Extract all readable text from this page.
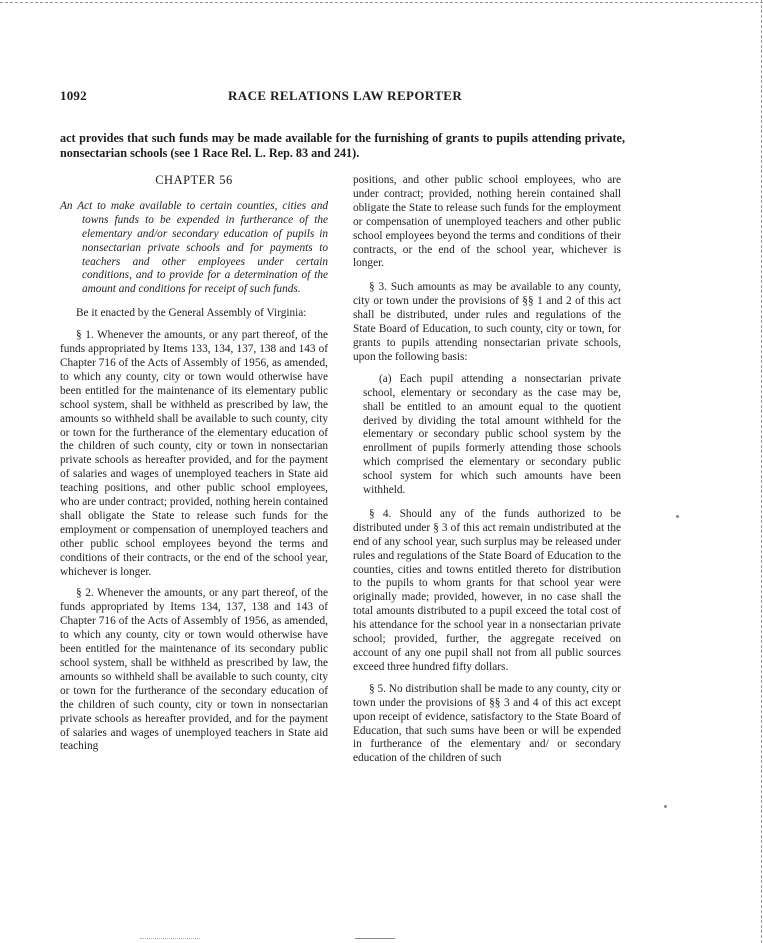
1092	RACE RELATIONS LAW REPORTER
act provides that such funds may be made available for the furnishing of grants to pupils attending private, nonsectarian schools (see 1 Race Rel. L. Rep. 83 and 241).
CHAPTER 56
An Act to make available to certain counties, cities and towns funds to be expended in furtherance of the elementary and/or secondary education of pupils in nonsectarian private schools and for payments to teachers and other employees under certain conditions, and to provide for a determination of the amount and conditions for receipt of such funds.

Be it enacted by the General Assembly of Virginia:

§ 1. Whenever the amounts, or any part thereof, of the funds appropriated by Items 133, 134, 137, 138 and 143 of Chapter 716 of the Acts of Assembly of 1956, as amended, to which any county, city or town would otherwise have been entitled for the maintenance of its elementary public school system, shall be withheld as prescribed by law, the amounts so withheld shall be available to such county, city or town for the furtherance of the elementary education of the children of such county, city or town in nonsectarian private schools as hereafter provided, and for the payment of salaries and wages of unemployed teachers in State aid teaching positions, and other public school employees, who are under contract; provided, nothing herein contained shall obligate the State to release such funds for the employment or compensation of unemployed teachers and other public school employees beyond the terms and conditions of their contracts, or the end of the school year, whichever is longer.

§ 2. Whenever the amounts, or any part thereof, of the funds appropriated by Items 134, 137, 138 and 143 of Chapter 716 of the Acts of Assembly of 1956, as amended, to which any county, city or town would otherwise have been entitled for the maintenance of its secondary public school system, shall be withheld as prescribed by law, the amounts so withheld shall be available to such county, city or town for the furtherance of the secondary education of the children of such county, city or town in nonsectarian private schools as hereafter provided, and for the payment of salaries and wages of unemployed teachers in State aid teaching

positions, and other public school employees, who are under contract; provided, nothing herein contained shall obligate the State to release such funds for the employment or compensation of unemployed teachers and other public school employees beyond the terms and conditions of their contracts, or the end of the school year, whichever is longer.

§ 3. Such amounts as may be available to any county, city or town under the provisions of §§ 1 and 2 of this act shall be distributed, under rules and regulations of the State Board of Education, to such county, city or town, for grants to pupils attending nonsectarian private schools, upon the following basis:

(a) Each pupil attending a nonsectarian private school, elementary or secondary as the case may be, shall be entitled to an amount equal to the quotient derived by dividing the total amount withheld for the elementary or secondary public school system by the enrollment of pupils formerly attending those schools which comprised the elementary or secondary public school system for which such amounts have been withheld.

§ 4. Should any of the funds authorized to be distributed under § 3 of this act remain undistributed at the end of any school year, such surplus may be released under rules and regulations of the State Board of Education to the counties, cities and towns entitled thereto for distribution to the pupils to whom grants for that school year were originally made; provided, however, in no case shall the total amounts distributed to a pupil exceed the total cost of his attendance for the school year in a nonsectarian private school; provided, further, the aggregate received on account of any one pupil shall not from all public sources exceed three hundred fifty dollars.

§ 5. No distribution shall be made to any county, city or town under the provisions of §§ 3 and 4 of this act except upon receipt of evidence, satisfactory to the State Board of Education, that such sums have been or will be expended in furtherance of the elementary and/ or secondary education of the children of such
